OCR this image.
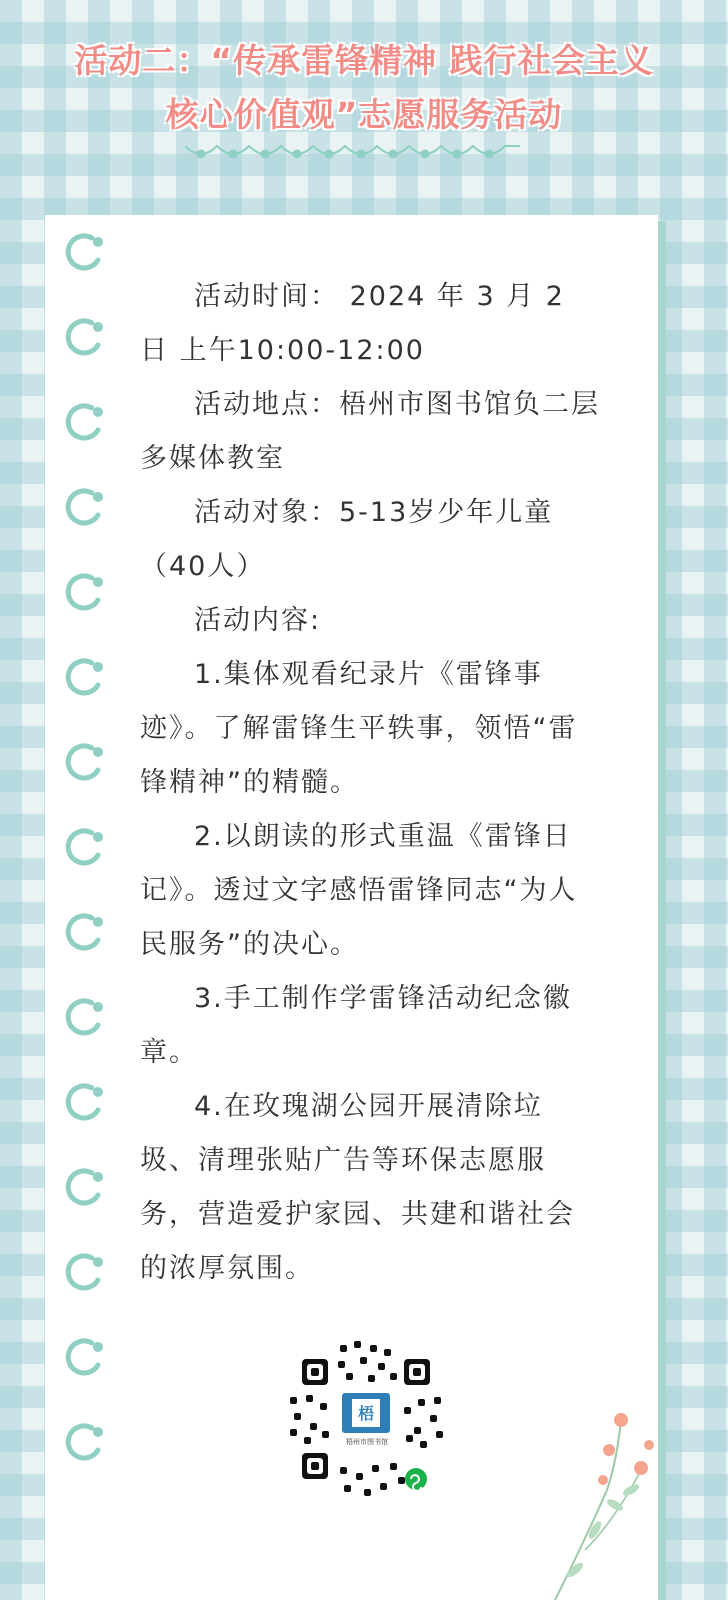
活动二：“传承雷锋精神 践行社会主义
核心价值观”志愿服务活动

活动时间： 2024 年 3 月 2 日 上午10:00-12:00

活动地点：梧州市图书馆负二层多媒体教室

活动对象：5-13岁少年儿童（40人）

活动内容:

1.集体观看纪录片《雷锋事迹》。了解雷锋生平轶事，领悟“雷锋精神”的精髓。

2.以朗读的形式重温《雷锋日记》。透过文字感悟雷锋同志“为人民服务”的决心。

3.手工制作学雷锋活动纪念徽章。

4.在玫瑰湖公园开展清除垃圾、清理张贴广告等环保志愿服务，营造爱护家园、共建和谐社会的浓厚氛围。

梧
梧州市图书馆
